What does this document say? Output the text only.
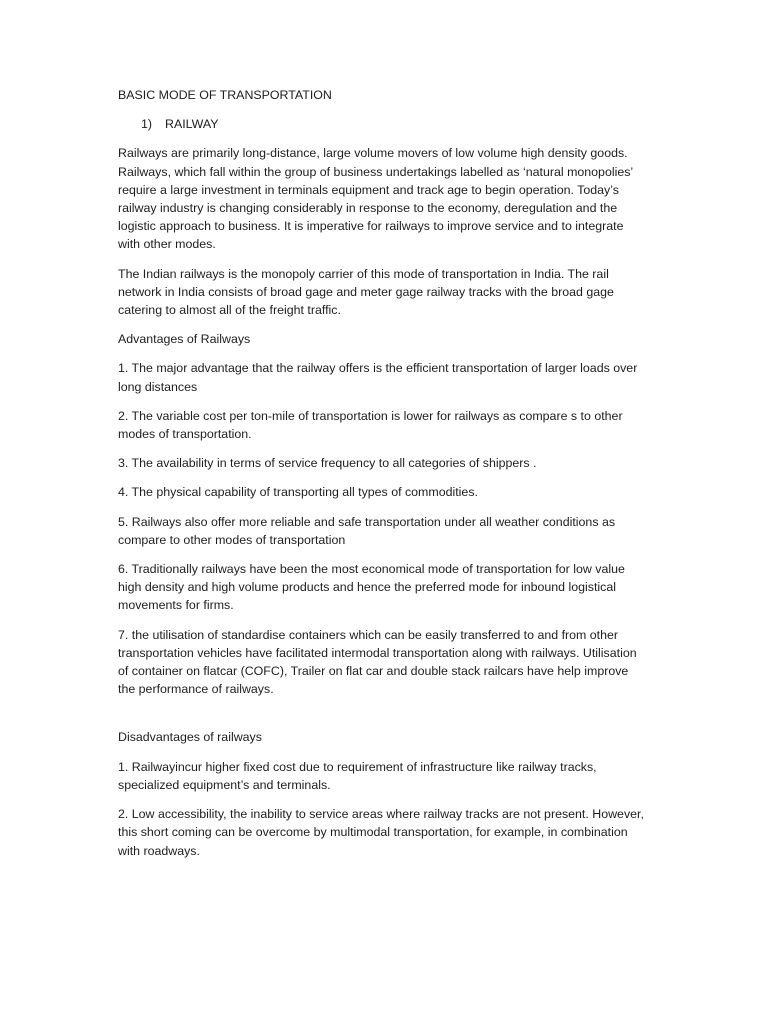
BASIC MODE OF TRANSPORTATION
1) RAILWAY

Railways are primarily long-distance, large volume movers of low volume high density goods. Railways, which fall within the group of business undertakings labelled as ‘natural monopolies’ require a large investment in terminals equipment and track age to begin operation. Today’s railway industry is changing considerably in response to the economy, deregulation and the logistic approach to business. It is imperative for railways to improve service and to integrate with other modes.

The Indian railways is the monopoly carrier of this mode of transportation in India. The rail network in India consists of broad gage and meter gage railway tracks with the broad gage catering to almost all of the freight traffic.

Advantages of Railways

1. The major advantage that the railway offers is the efficient transportation of larger loads over long distances

2. The variable cost per ton-mile of transportation is lower for railways as compare s to other modes of transportation.

3. The availability in terms of service frequency to all categories of shippers .

4. The physical capability of transporting all types of commodities.

5. Railways also offer more reliable and safe transportation under all weather conditions as compare to other modes of transportation

6. Traditionally railways have been the most economical mode of transportation for low value high density and high volume products and hence the preferred mode for inbound logistical movements for firms.

7. the utilisation of standardise containers which can be easily transferred to and from other transportation vehicles have facilitated intermodal transportation along with railways. Utilisation of container on flatcar (COFC), Trailer on flat car and double stack railcars have help improve the performance of railways.

Disadvantages of railways

1. Railwayincur higher fixed cost due to requirement of infrastructure like railway tracks, specialized equipment’s and terminals.

2. Low accessibility, the inability to service areas where railway tracks are not present. However, this short coming can be overcome by multimodal transportation, for example, in combination with roadways.
